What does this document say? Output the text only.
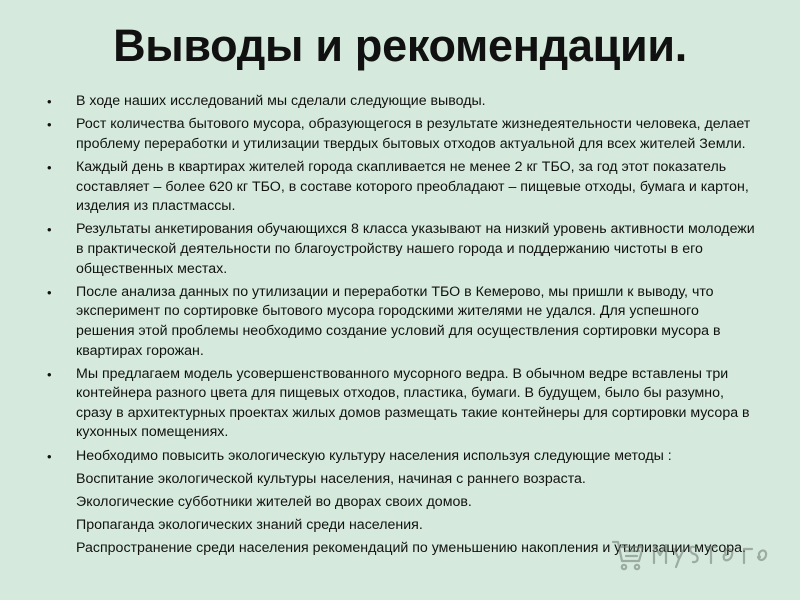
Выводы и рекомендации.
• В ходе наших исследований мы сделали следующие выводы.
• Рост количества бытового мусора, образующегося в результате жизнедеятельности человека, делает проблему переработки и утилизации твердых бытовых отходов актуальной для всех жителей Земли.
• Каждый день в квартирах жителей города скапливается не менее 2 кг ТБО, за год этот показатель составляет – более 620 кг ТБО, в составе которого преобладают – пищевые отходы, бумага и картон, изделия из пластмассы.
• Результаты анкетирования обучающихся 8 класса указывают на низкий уровень активности молодежи в практической деятельности по благоустройству нашего города и поддержанию чистоты в его общественных местах.
• После анализа данных по утилизации и переработки ТБО в Кемерово, мы пришли к выводу, что эксперимент по сортировке бытового мусора городскими жителями не удался. Для успешного решения этой проблемы необходимо создание условий для осуществления сортировки мусора в квартирах горожан.
• Мы предлагаем модель усовершенствованного мусорного ведра. В обычном ведре вставлены три контейнера разного цвета для пищевых отходов, пластика, бумаги. В будущем, было бы разумно, сразу в архитектурных проектах жилых домов размещать такие контейнеры для сортировки мусора в кухонных помещениях.
• Необходимо повысить экологическую культуру населения используя следующие методы :
Воспитание экологической культуры населения, начиная с раннего возраста.
Экологические субботники жителей во дворах своих домов.
Пропаганда экологических знаний среди населения.
Распространение среди населения рекомендаций по уменьшению накопления и утилизации мусора.
